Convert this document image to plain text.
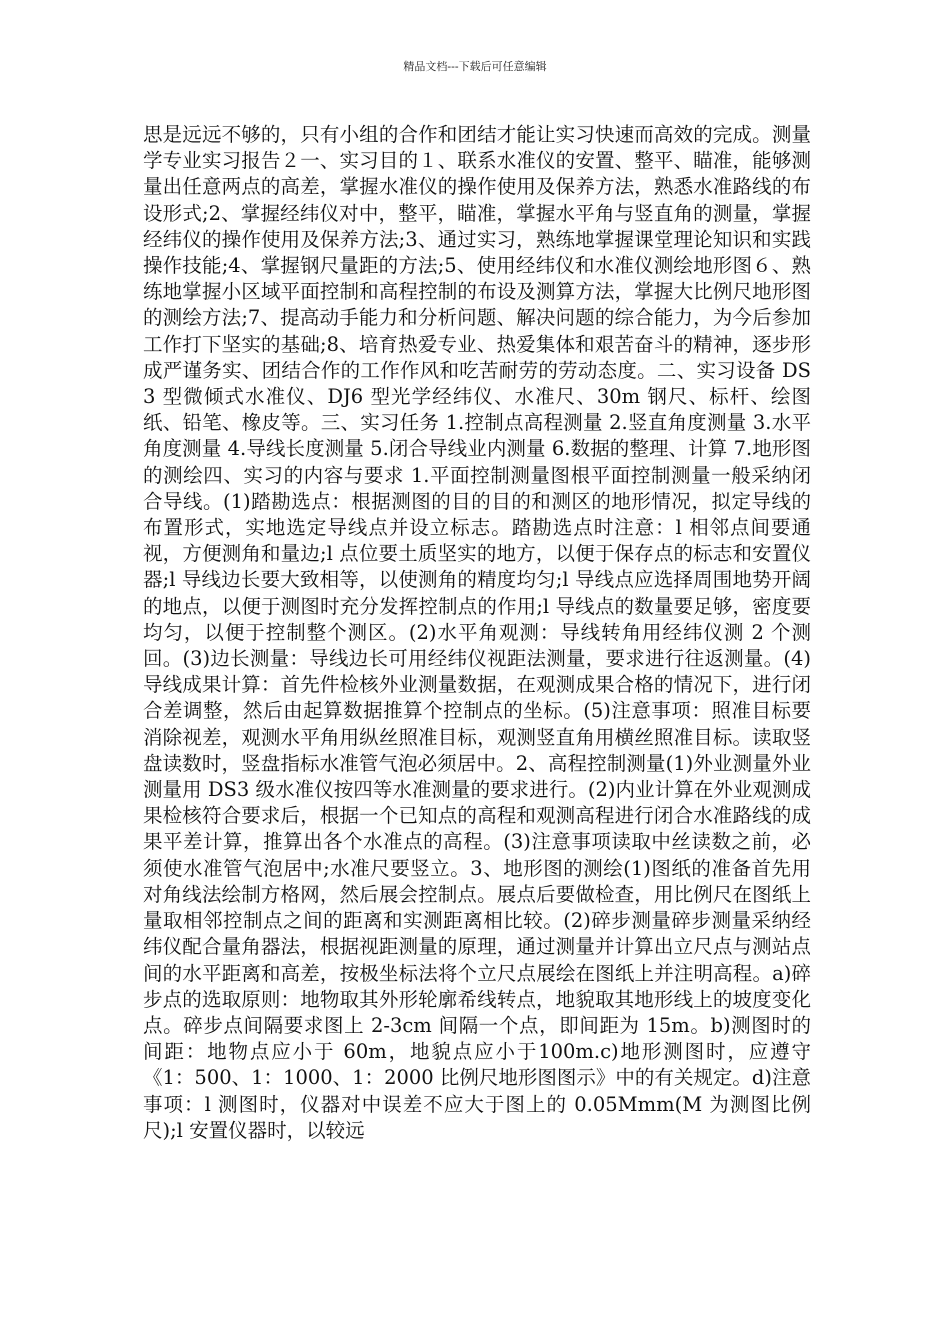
精品文档---下载后可任意编辑

思是远远不够的，只有小组的合作和团结才能让实习快速而高效的完成。测量学专业实习报告２一、实习目的１、联系水准仪的安置、整平、瞄准，能够测量出任意两点的高差，掌握水准仪的操作使用及保养方法，熟悉水准路线的布设形式;2、掌握经纬仪对中，整平，瞄准，掌握水平角与竖直角的测量，掌握经纬仪的操作使用及保养方法;3、通过实习，熟练地掌握课堂理论知识和实践操作技能;4、掌握钢尺量距的方法;5、使用经纬仪和水准仪测绘地形图６、熟练地掌握小区域平面控制和高程控制的布设及测算方法，掌握大比例尺地形图的测绘方法;7、提高动手能力和分析问题、解决问题的综合能力，为今后参加工作打下坚实的基础;8、培育热爱专业、热爱集体和艰苦奋斗的精神，逐步形成严谨务实、团结合作的工作作风和吃苦耐劳的劳动态度。二、实习设备 DS3 型微倾式水准仪、DJ6 型光学经纬仪、水准尺、30m 钢尺、标杆、绘图纸、铅笔、橡皮等。三、实习任务 1.控制点高程测量 2.竖直角度测量 3.水平角度测量 4.导线长度测量 5.闭合导线业内测量 6.数据的整理、计算 7.地形图的测绘四、实习的内容与要求 1.平面控制测量图根平面控制测量一般采纳闭合导线。(1)踏勘选点：根据测图的目的目的和测区的地形情况，拟定导线的布置形式，实地选定导线点并设立标志。踏勘选点时注意：l 相邻点间要通视，方便测角和量边;l 点位要土质坚实的地方，以便于保存点的标志和安置仪器;l 导线边长要大致相等，以使测角的精度均匀;l 导线点应选择周围地势开阔的地点，以便于测图时充分发挥控制点的作用;l 导线点的数量要足够，密度要均匀，以便于控制整个测区。(2)水平角观测：导线转角用经纬仪测 2 个测回。(3)边长测量：导线边长可用经纬仪视距法测量，要求进行往返测量。(4)导线成果计算：首先件检核外业测量数据，在观测成果合格的情况下，进行闭合差调整，然后由起算数据推算个控制点的坐标。(5)注意事项：照准目标要消除视差，观测水平角用纵丝照准目标，观测竖直角用横丝照准目标。读取竖盘读数时，竖盘指标水准管气泡必须居中。2、高程控制测量(1)外业测量外业测量用 DS3 级水准仪按四等水准测量的要求进行。(2)内业计算在外业观测成果检核符合要求后，根据一个已知点的高程和观测高程进行闭合水准路线的成果平差计算，推算出各个水准点的高程。(3)注意事项读取中丝读数之前，必须使水准管气泡居中;水准尺要竖立。3、地形图的测绘(1)图纸的准备首先用对角线法绘制方格网，然后展会控制点。展点后要做检查，用比例尺在图纸上量取相邻控制点之间的距离和实测距离相比较。(2)碎步测量碎步测量采纳经纬仪配合量角器法，根据视距测量的原理，通过测量并计算出立尺点与测站点间的水平距离和高差，按极坐标法将个立尺点展绘在图纸上并注明高程。a)碎步点的选取原则：地物取其外形轮廓希线转点，地貌取其地形线上的坡度变化点。碎步点间隔要求图上 2-3cm 间隔一个点，即间距为 15m。b)测图时的间距：地物点应小于 60m，地貌点应小于100m.c)地形测图时，应遵守《1：500、1：1000、1：2000 比例尺地形图图示》中的有关规定。d)注意事项：l 测图时，仪器对中误差不应大于图上的 0.05Mmm(M 为测图比例尺);l 安置仪器时，以较远
